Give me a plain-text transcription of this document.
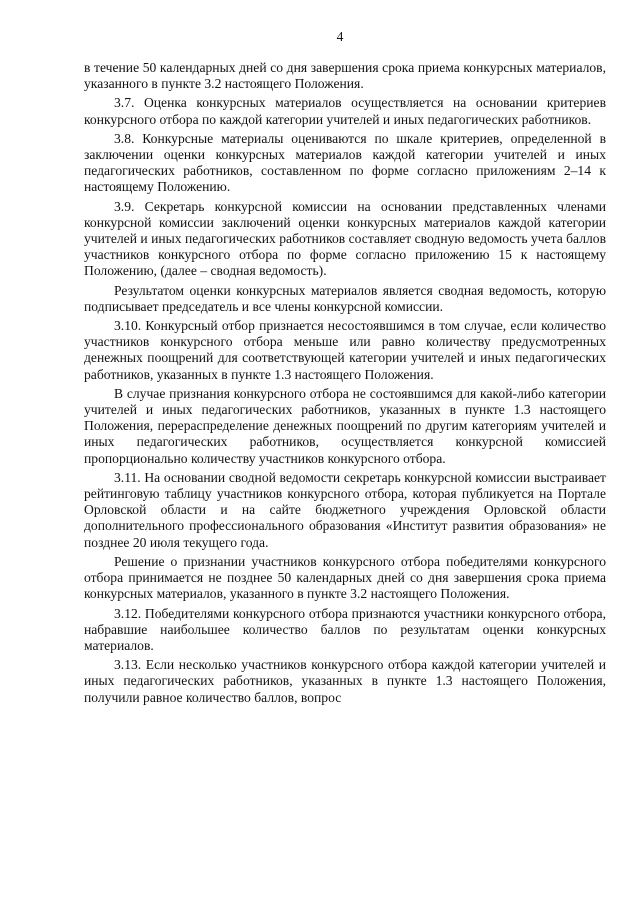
4

в течение 50 календарных дней со дня завершения срока приема конкурсных материалов, указанного в пункте 3.2 настоящего Положения.

3.7. Оценка конкурсных материалов осуществляется на основании критериев конкурсного отбора по каждой категории учителей и иных педагогических работников.

3.8. Конкурсные материалы оцениваются по шкале критериев, определенной в заключении оценки конкурсных материалов каждой категории учителей и иных педагогических работников, составленном по форме согласно приложениям 2–14 к настоящему Положению.

3.9. Секретарь конкурсной комиссии на основании представленных членами конкурсной комиссии заключений оценки конкурсных материалов каждой категории учителей и иных педагогических работников составляет сводную ведомость учета баллов участников конкурсного отбора по форме согласно приложению 15 к настоящему Положению, (далее – сводная ведомость).

Результатом оценки конкурсных материалов является сводная ведомость, которую подписывает председатель и все члены конкурсной комиссии.

3.10. Конкурсный отбор признается несостоявшимся в том случае, если количество участников конкурсного отбора меньше или равно количеству предусмотренных денежных поощрений для соответствующей категории учителей и иных педагогических работников, указанных в пункте 1.3 настоящего Положения.

В случае признания конкурсного отбора не состоявшимся для какой-либо категории учителей и иных педагогических работников, указанных в пункте 1.3 настоящего Положения, перераспределение денежных поощрений по другим категориям учителей и иных педагогических работников, осуществляется конкурсной комиссией пропорционально количеству участников конкурсного отбора.

3.11. На основании сводной ведомости секретарь конкурсной комиссии выстраивает рейтинговую таблицу участников конкурсного отбора, которая публикуется на Портале Орловской области и на сайте бюджетного учреждения Орловской области дополнительного профессионального образования «Институт развития образования» не позднее 20 июля текущего года.

Решение о признании участников конкурсного отбора победителями конкурсного отбора принимается не позднее 50 календарных дней со дня завершения срока приема конкурсных материалов, указанного в пункте 3.2 настоящего Положения.

3.12. Победителями конкурсного отбора признаются участники конкурсного отбора, набравшие наибольшее количество баллов по результатам оценки конкурсных материалов.

3.13. Если несколько участников конкурсного отбора каждой категории учителей и иных педагогических работников, указанных в пункте 1.3 настоящего Положения, получили равное количество баллов, вопрос
